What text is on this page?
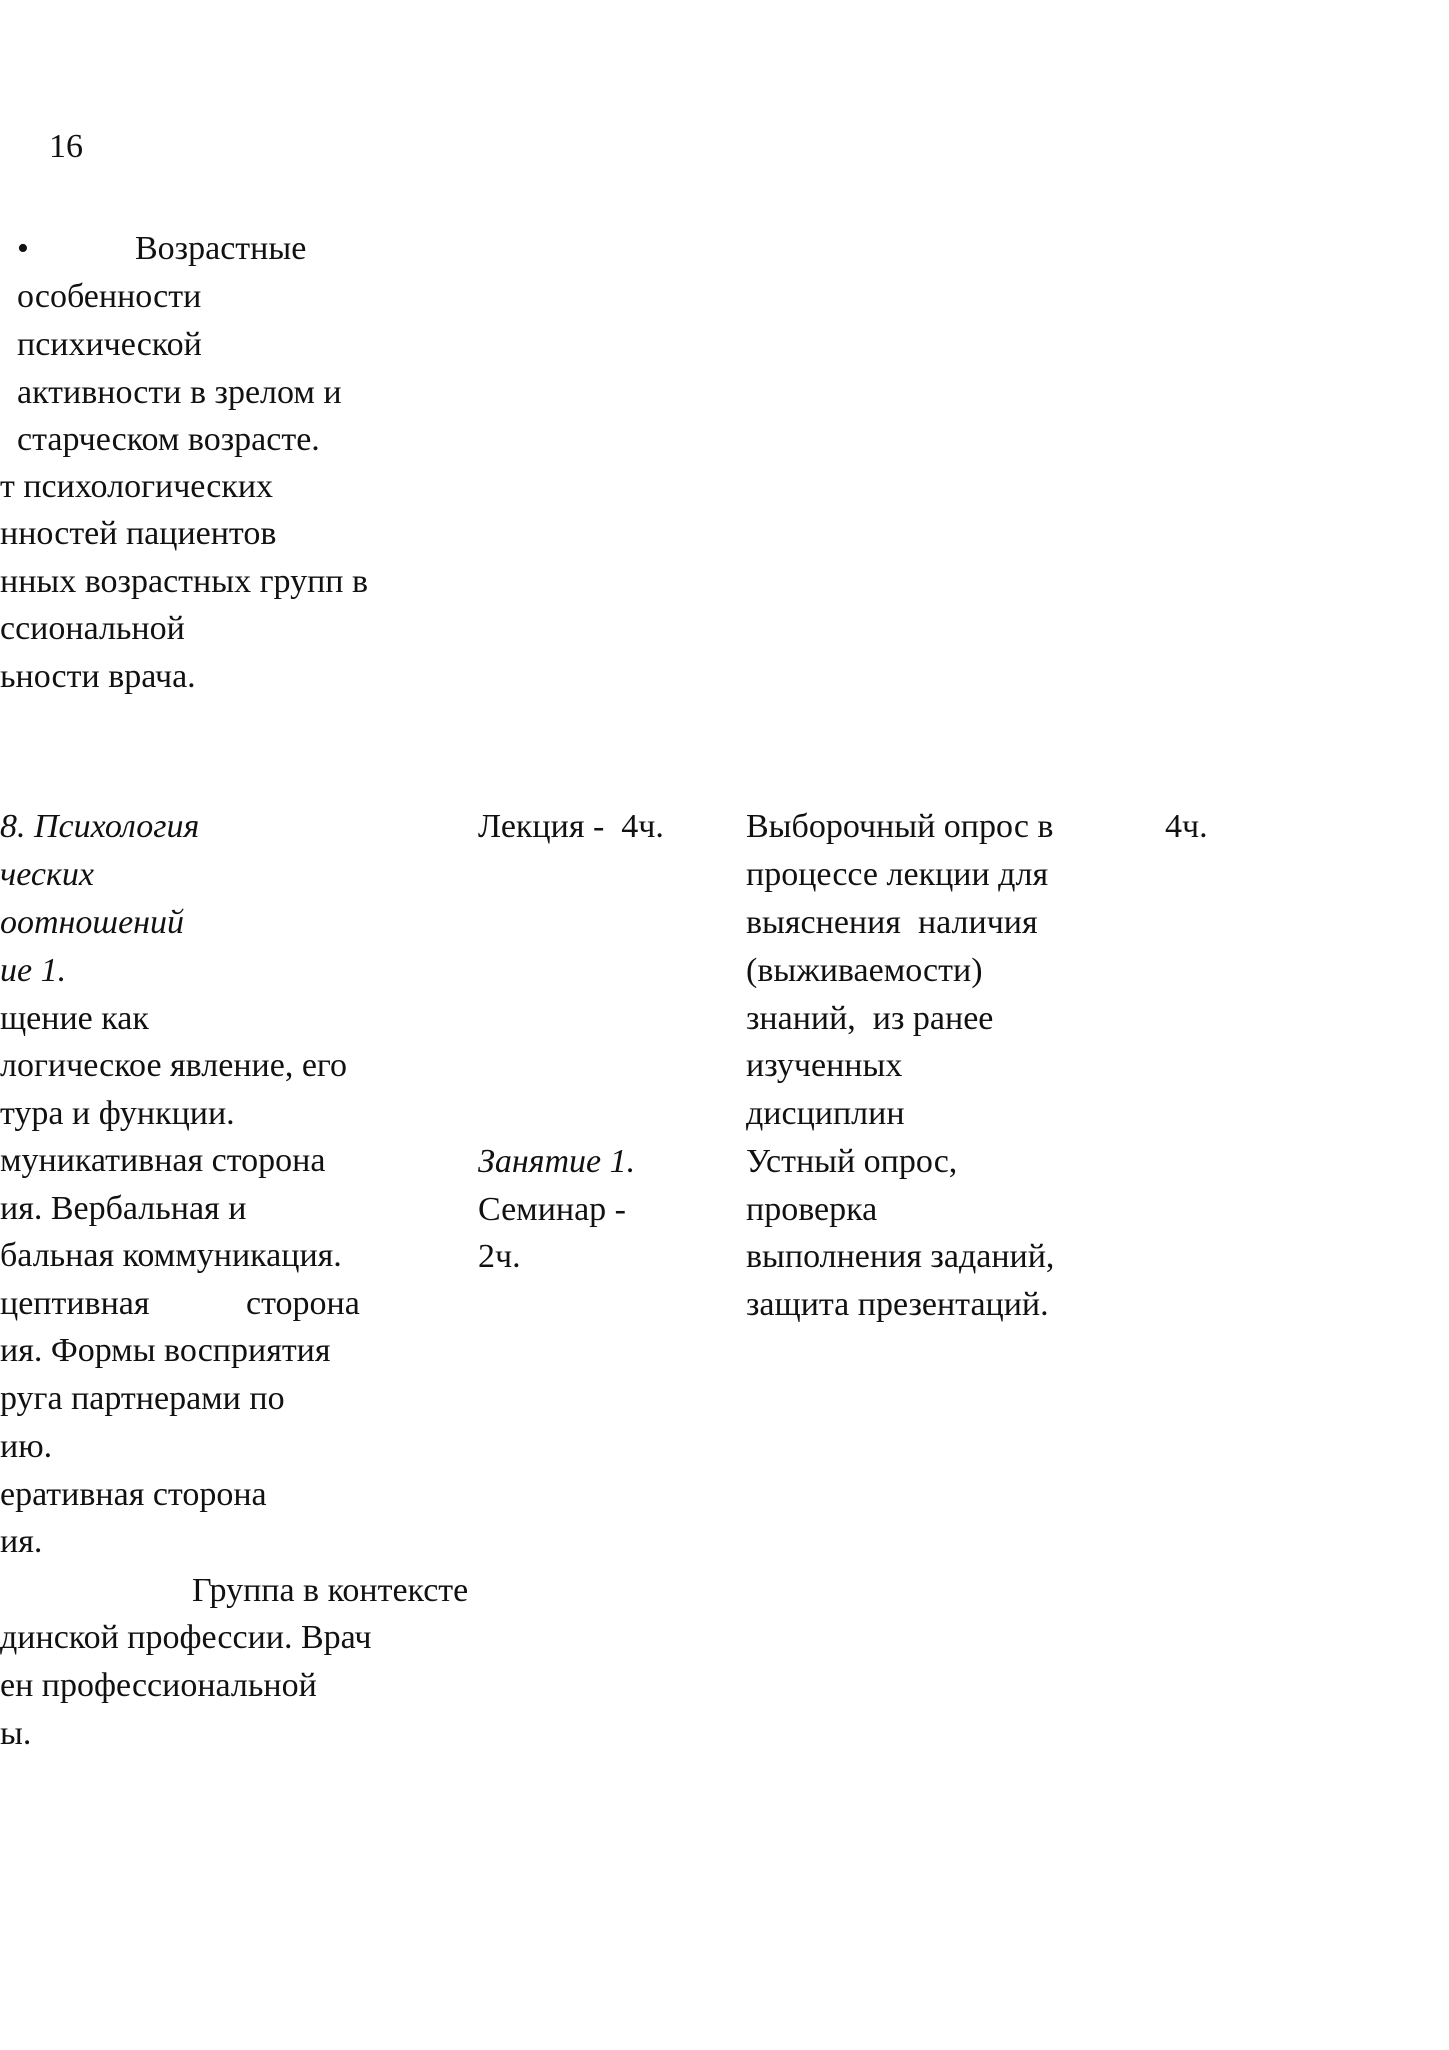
16
•	Возрастные
особенности
психической
активности в зрелом и
старческом возрасте.
т психологических
нностей пациентов
нных возрастных групп в
ссиональной
ьности врача.
8. Психология
ческих
оотношений
ие 1.
щение как
логическое явление, его
тура и функции.
муникативная сторона
ия. Вербальная и
бальная коммуникация.
цептивная	сторона
ия. Формы восприятия
руга партнерами по
ию.
еративная сторона
ия.
Группа в контексте
динской профессии. Врач
ен профессиональной
ы.
Лекция -  4ч.
Занятие 1.
Семинар -
2ч.
Выборочный опрос в
процессе лекции для
выяснения  наличия
(выживаемости)
знаний,  из ранее
изученных
дисциплин
Устный опрос,
проверка
выполнения заданий,
защита презентаций.
4ч.
